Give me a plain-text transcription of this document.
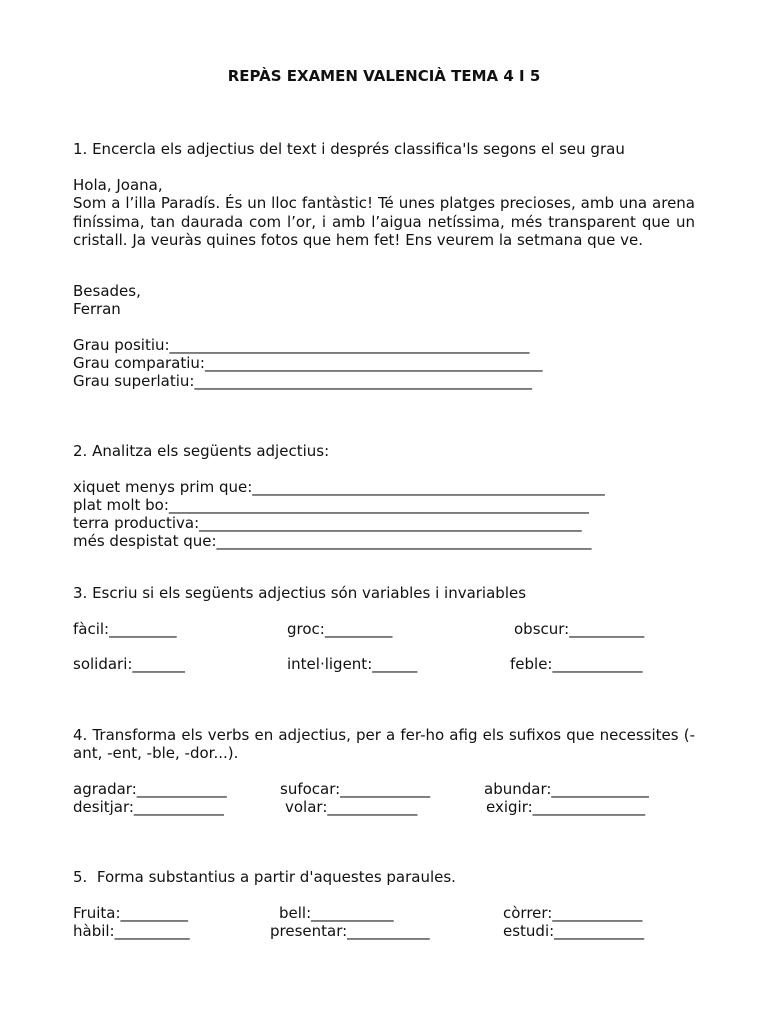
REPÀS EXAMEN VALENCIÀ TEMA 4 I 5
1. Encercla els adjectius del text i després classifica'ls segons el seu grau
Hola, Joana,
Som a l’illa Paradís. És un lloc fantàstic! Té unes platges precioses, amb una arena finíssima, tan daurada com l’or, i amb l’aigua netíssima, més transparent que un cristall. Ja veuràs quines fotos que hem fet! Ens veurem la setmana que ve.
Besades,
Ferran
Grau positiu:________________________________________________
Grau comparatiu:_____________________________________________
Grau superlatiu:_____________________________________________
2. Analitza els següents adjectius:
xiquet menys prim que:_______________________________________________
plat molt bo:________________________________________________________
terra productiva:___________________________________________________
més despistat que:__________________________________________________
3. Escriu si els següents adjectius són variables i invariables
fàcil:_________	groc:_________	obscur:__________
solidari:_______	intel·ligent:______	feble:____________
4. Transforma els verbs en adjectius, per a fer-ho afig els sufixos que necessites (-ant, -ent, -ble, -dor...).
agradar:____________	sufocar:____________	abundar:_____________
desitjar:____________	volar:____________	exigir:_______________
5.  Forma substantius a partir d'aquestes paraules.
Fruita:_________	bell:___________	còrrer:____________
hàbil:__________	presentar:___________	estudi:____________
